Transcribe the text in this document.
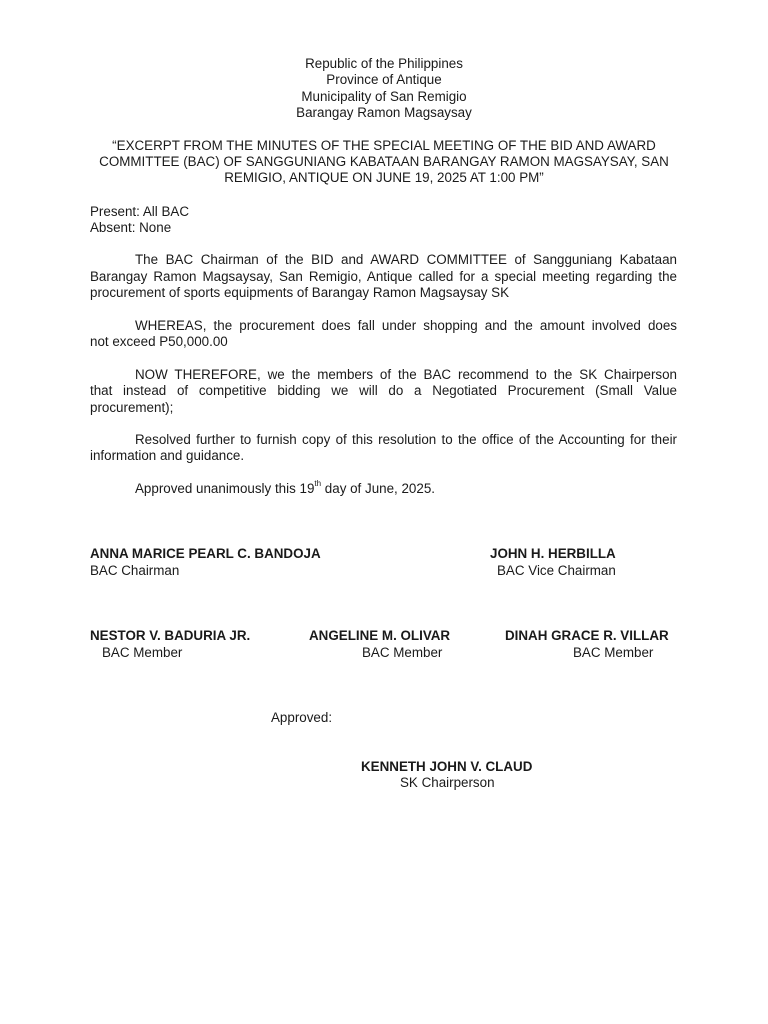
Republic of the Philippines
Province of Antique
Municipality of San Remigio
Barangay Ramon Magsaysay
“EXCERPT FROM THE MINUTES OF THE SPECIAL MEETING OF THE BID AND AWARD
COMMITTEE (BAC) OF SANGGUNIANG KABATAAN BARANGAY RAMON MAGSAYSAY, SAN
REMIGIO, ANTIQUE ON JUNE 19, 2025 AT 1:00 PM”
Present: All BAC
Absent: None
The BAC Chairman of the BID and AWARD COMMITTEE of Sangguniang Kabataan
Barangay Ramon Magsaysay, San Remigio, Antique called for a special meeting regarding the
procurement of sports equipments of Barangay Ramon Magsaysay SK
WHEREAS, the procurement does fall under shopping and the amount involved does
not exceed P50,000.00
NOW THEREFORE, we the members of the BAC recommend to the SK Chairperson
that instead of competitive bidding we will do a Negotiated Procurement (Small Value
procurement);
Resolved further to furnish copy of this resolution to the office of the Accounting for their
information and guidance.
Approved unanimously this 19th day of June, 2025.
ANNA MARICE PEARL C. BANDOJA
BAC Chairman
JOHN H. HERBILLA
BAC Vice Chairman
NESTOR V. BADURIA JR.
BAC Member
ANGELINE M. OLIVAR
BAC Member
DINAH GRACE R. VILLAR
BAC Member
Approved:
KENNETH JOHN V. CLAUD
SK Chairperson
